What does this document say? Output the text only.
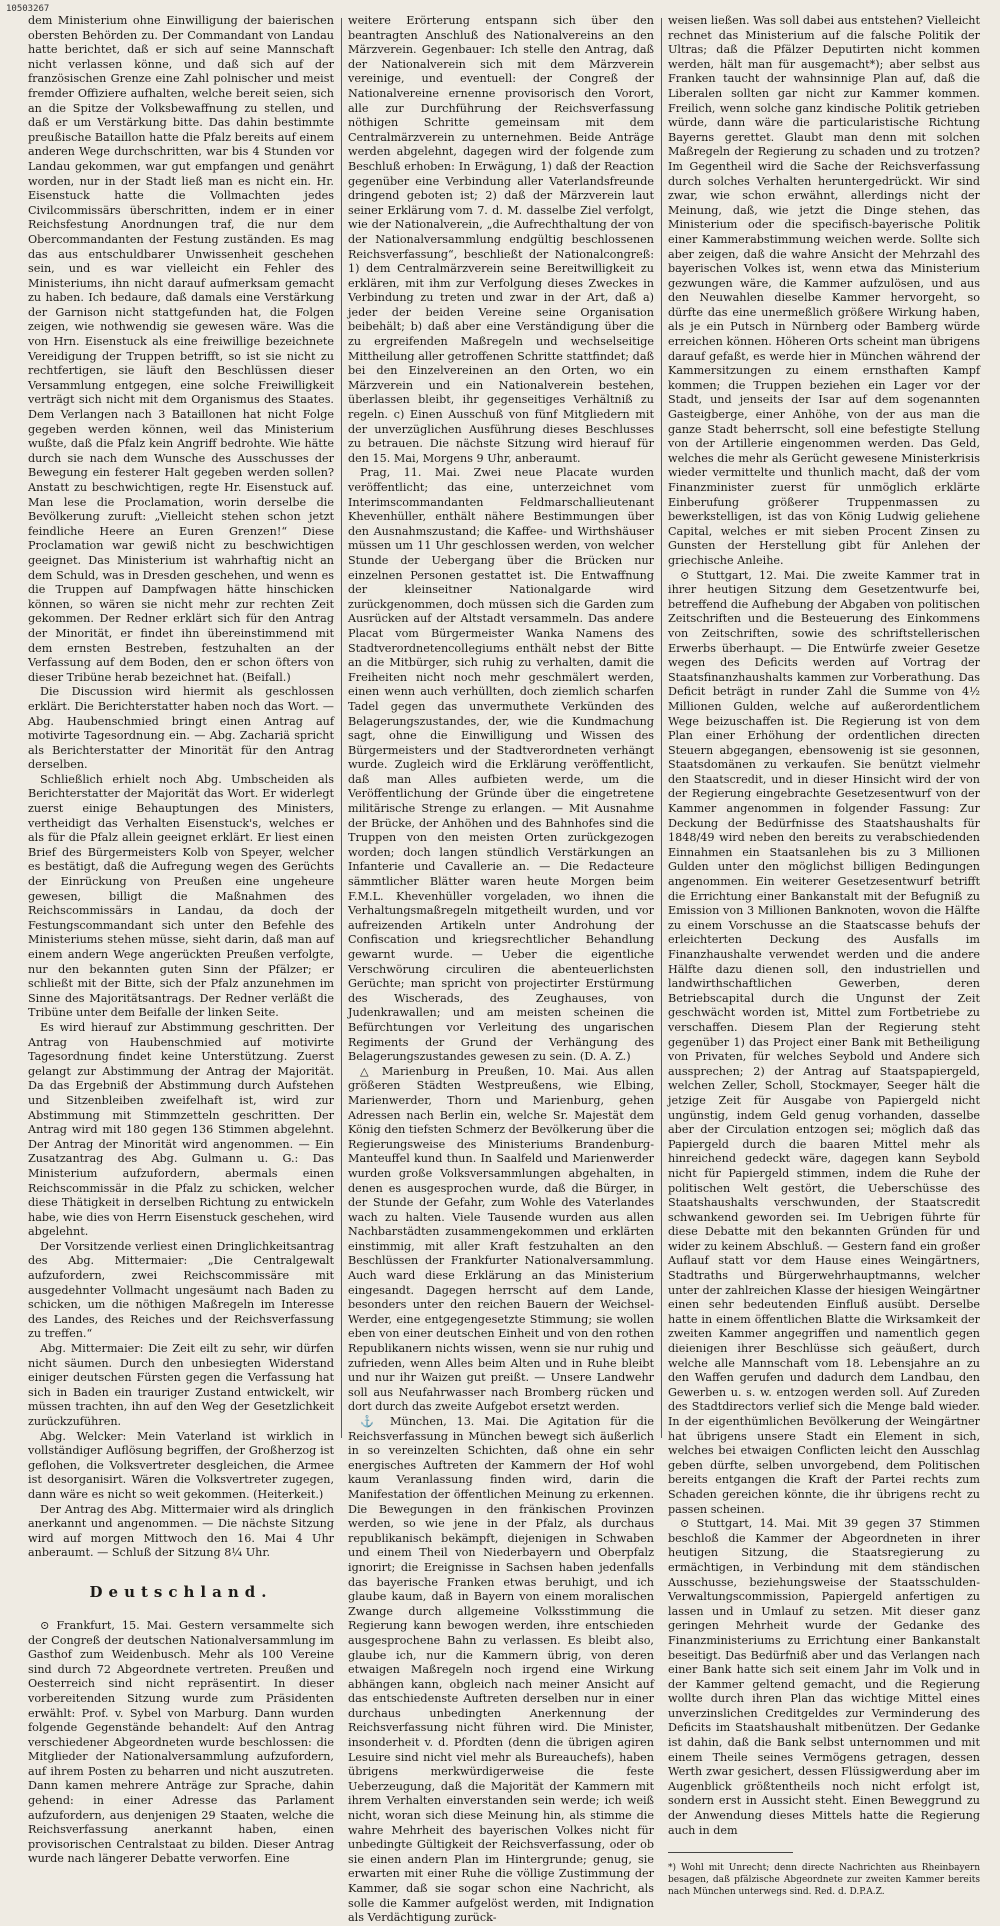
10503267

dem Ministerium ohne Einwilligung der baierischen obersten Behörden zu. Der Commandant von Landau hatte berichtet, daß er sich auf seine Mannschaft nicht verlassen könne, und daß sich auf der französischen Grenze eine Zahl polnischer und meist fremder Offiziere aufhalten, welche bereit seien, sich an die Spitze der Volksbewaffnung zu stellen, und daß er um Verstärkung bitte. Das dahin bestimmte preußische Bataillon hatte die Pfalz bereits auf einem anderen Wege durchschritten, war bis 4 Stunden vor Landau gekommen, war gut empfangen und genährt worden, nur in der Stadt ließ man es nicht ein. Hr. Eisenstuck hatte die Vollmachten jedes Civilcommissärs überschritten, indem er in einer Reichsfestung Anordnungen traf, die nur dem Obercommandanten der Festung zuständen. Es mag das aus entschuldbarer Unwissenheit geschehen sein, und es war vielleicht ein Fehler des Ministeriums, ihn nicht darauf aufmerksam gemacht zu haben. Ich bedaure, daß damals eine Verstärkung der Garnison nicht stattgefunden hat, die Folgen zeigen, wie nothwendig sie gewesen wäre. Was die von Hrn. Eisenstuck als eine freiwillige bezeichnete Vereidigung der Truppen betrifft, so ist sie nicht zu rechtfertigen, sie läuft den Beschlüssen dieser Versammlung entgegen, eine solche Freiwilligkeit verträgt sich nicht mit dem Organismus des Staates. Dem Verlangen nach 3 Bataillonen hat nicht Folge gegeben werden können, weil das Ministerium wußte, daß die Pfalz kein Angriff bedrohte. Wie hätte durch sie nach dem Wunsche des Ausschusses der Bewegung ein festerer Halt gegeben werden sollen? Anstatt zu beschwichtigen, regte Hr. Eisenstuck auf. Man lese die Proclamation, worin derselbe die Bevölkerung zuruft: „Vielleicht stehen schon jetzt feindliche Heere an Euren Grenzen!“ Diese Proclamation war gewiß nicht zu beschwichtigen geeignet. Das Ministerium ist wahrhaftig nicht an dem Schuld, was in Dresden geschehen, und wenn es die Truppen auf Dampfwagen hätte hinschicken können, so wären sie nicht mehr zur rechten Zeit gekommen. Der Redner erklärt sich für den Antrag der Minorität, er findet ihn übereinstimmend mit dem ernsten Bestreben, festzuhalten an der Verfassung auf dem Boden, den er schon öfters von dieser Tribüne herab bezeichnet hat. (Beifall.)

Die Discussion wird hiermit als geschlossen erklärt. Die Berichterstatter haben noch das Wort. — Abg. Haubenschmied bringt einen Antrag auf motivirte Tagesordnung ein. — Abg. Zachariä spricht als Berichterstatter der Minorität für den Antrag derselben.

Schließlich erhielt noch Abg. Umbscheiden als Berichterstatter der Majorität das Wort. Er widerlegt zuerst einige Behauptungen des Ministers, vertheidigt das Verhalten Eisenstuck's, welches er als für die Pfalz allein geeignet erklärt. Er liest einen Brief des Bürgermeisters Kolb von Speyer, welcher es bestätigt, daß die Aufregung wegen des Gerüchts der Einrückung von Preußen eine ungeheure gewesen, billigt die Maßnahmen des Reichscommissärs in Landau, da doch der Festungscommandant sich unter den Befehle des Ministeriums stehen müsse, sieht darin, daß man auf einem andern Wege angerückten Preußen verfolgte, nur den bekannten guten Sinn der Pfälzer; er schließt mit der Bitte, sich der Pfalz anzunehmen im Sinne des Majoritätsantrags. Der Redner verläßt die Tribüne unter dem Beifalle der linken Seite.

Es wird hierauf zur Abstimmung geschritten. Der Antrag von Haubenschmied auf motivirte Tagesordnung findet keine Unterstützung. Zuerst gelangt zur Abstimmung der Antrag der Majorität. Da das Ergebniß der Abstimmung durch Aufstehen und Sitzenbleiben zweifelhaft ist, wird zur Abstimmung mit Stimmzetteln geschritten. Der Antrag wird mit 180 gegen 136 Stimmen abgelehnt. Der Antrag der Minorität wird angenommen. — Ein Zusatzantrag des Abg. Gulmann u. G.: Das Ministerium aufzufordern, abermals einen Reichscommissär in die Pfalz zu schicken, welcher diese Thätigkeit in derselben Richtung zu entwickeln habe, wie dies von Herrn Eisenstuck geschehen, wird abgelehnt.

Der Vorsitzende verliest einen Dringlichkeitsantrag des Abg. Mittermaier: „Die Centralgewalt aufzufordern, zwei Reichscommissäre mit ausgedehnter Vollmacht ungesäumt nach Baden zu schicken, um die nöthigen Maßregeln im Interesse des Landes, des Reiches und der Reichsverfassung zu treffen.“

Abg. Mittermaier: Die Zeit eilt zu sehr, wir dürfen nicht säumen. Durch den unbesiegten Widerstand einiger deutschen Fürsten gegen die Verfassung hat sich in Baden ein trauriger Zustand entwickelt, wir müssen trachten, ihn auf den Weg der Gesetzlichkeit zurückzuführen.

Abg. Welcker: Mein Vaterland ist wirklich in vollständiger Auflösung begriffen, der Großherzog ist geflohen, die Volksvertreter desgleichen, die Armee ist desorganisirt. Wären die Volksvertreter zugegen, dann wäre es nicht so weit gekommen. (Heiterkeit.)

Der Antrag des Abg. Mittermaier wird als dringlich anerkannt und angenommen. — Die nächste Sitzung wird auf morgen Mittwoch den 16. Mai 4 Uhr anberaumt. — Schluß der Sitzung 8¼ Uhr.

Deutschland.

⊙ Frankfurt, 15. Mai. Gestern versammelte sich der Congreß der deutschen Nationalversammlung im Gasthof zum Weidenbusch. Mehr als 100 Vereine sind durch 72 Abgeordnete vertreten. Preußen und Oesterreich sind nicht repräsentirt. In dieser vorbereitenden Sitzung wurde zum Präsidenten erwählt: Prof. v. Sybel von Marburg. Dann wurden folgende Gegenstände behandelt: Auf den Antrag verschiedener Abgeordneten wurde beschlossen: die Mitglieder der Nationalversammlung aufzufordern, auf ihrem Posten zu beharren und nicht auszutreten. Dann kamen mehrere Anträge zur Sprache, dahin gehend: in einer Adresse das Parlament aufzufordern, aus denjenigen 29 Staaten, welche die Reichsverfassung anerkannt haben, einen provisorischen Centralstaat zu bilden. Dieser Antrag wurde nach längerer Debatte verworfen. Eine

weitere Erörterung entspann sich über den beantragten Anschluß des Nationalvereins an den Märzverein. Gegenbauer: Ich stelle den Antrag, daß der Nationalverein sich mit dem Märzverein vereinige, und eventuell: der Congreß der Nationalvereine ernenne provisorisch den Vorort, alle zur Durchführung der Reichsverfassung nöthigen Schritte gemeinsam mit dem Centralmärzverein zu unternehmen. Beide Anträge werden abgelehnt, dagegen wird der folgende zum Beschluß erhoben: In Erwägung, 1) daß der Reaction gegenüber eine Verbindung aller Vaterlandsfreunde dringend geboten ist; 2) daß der Märzverein laut seiner Erklärung vom 7. d. M. dasselbe Ziel verfolgt, wie der Nationalverein, „die Aufrechthaltung der von der Nationalversammlung endgültig beschlossenen Reichsverfassung“, beschließt der Nationalcongreß: 1) dem Centralmärzverein seine Bereitwilligkeit zu erklären, mit ihm zur Verfolgung dieses Zweckes in Verbindung zu treten und zwar in der Art, daß a) jeder der beiden Vereine seine Organisation beibehält; b) daß aber eine Verständigung über die zu ergreifenden Maßregeln und wechselseitige Mittheilung aller getroffenen Schritte stattfindet; daß bei den Einzelvereinen an den Orten, wo ein Märzverein und ein Nationalverein bestehen, überlassen bleibt, ihr gegenseitiges Verhältniß zu regeln. c) Einen Ausschuß von fünf Mitgliedern mit der unverzüglichen Ausführung dieses Beschlusses zu betrauen. Die nächste Sitzung wird hierauf für den 15. Mai, Morgens 9 Uhr, anberaumt.

Prag, 11. Mai. Zwei neue Placate wurden veröffentlicht; das eine, unterzeichnet vom Interimscommandanten Feldmarschallieutenant Khevenhüller, enthält nähere Bestimmungen über den Ausnahmszustand; die Kaffee- und Wirthshäuser müssen um 11 Uhr geschlossen werden, von welcher Stunde der Uebergang über die Brücken nur einzelnen Personen gestattet ist. Die Entwaffnung der kleinseitner Nationalgarde wird zurückgenommen, doch müssen sich die Garden zum Ausrücken auf der Altstadt versammeln. Das andere Placat vom Bürgermeister Wanka Namens des Stadtverordnetencollegiums enthält nebst der Bitte an die Mitbürger, sich ruhig zu verhalten, damit die Freiheiten nicht noch mehr geschmälert werden, einen wenn auch verhüllten, doch ziemlich scharfen Tadel gegen das unvermuthete Verkünden des Belagerungszustandes, der, wie die Kundmachung sagt, ohne die Einwilligung und Wissen des Bürgermeisters und der Stadtverordneten verhängt wurde. Zugleich wird die Erklärung veröffentlicht, daß man Alles aufbieten werde, um die Veröffentlichung der Gründe über die eingetretene militärische Strenge zu erlangen. — Mit Ausnahme der Brücke, der Anhöhen und des Bahnhofes sind die Truppen von den meisten Orten zurückgezogen worden; doch langen stündlich Verstärkungen an Infanterie und Cavallerie an. — Die Redacteure sämmtlicher Blätter waren heute Morgen beim F.M.L. Khevenhüller vorgeladen, wo ihnen die Verhaltungsmaßregeln mitgetheilt wurden, und vor aufreizenden Artikeln unter Androhung der Confiscation und kriegsrechtlicher Behandlung gewarnt wurde. — Ueber die eigentliche Verschwörung circuliren die abenteuerlichsten Gerüchte; man spricht von projectirter Erstürmung des Wischerads, des Zeughauses, von Judenkrawallen; und am meisten scheinen die Befürchtungen vor Verleitung des ungarischen Regiments der Grund der Verhängung des Belagerungszustandes gewesen zu sein. (D. A. Z.)

△ Marienburg in Preußen, 10. Mai. Aus allen größeren Städten Westpreußens, wie Elbing, Marienwerder, Thorn und Marienburg, gehen Adressen nach Berlin ein, welche Sr. Majestät dem König den tiefsten Schmerz der Bevölkerung über die Regierungsweise des Ministeriums Brandenburg-Manteuffel kund thun. In Saalfeld und Marienwerder wurden große Volksversammlungen abgehalten, in denen es ausgesprochen wurde, daß die Bürger, in der Stunde der Gefahr, zum Wohle des Vaterlandes wach zu halten. Viele Tausende wurden aus allen Nachbarstädten zusammengekommen und erklärten einstimmig, mit aller Kraft festzuhalten an den Beschlüssen der Frankfurter Nationalversammlung. Auch ward diese Erklärung an das Ministerium eingesandt. Dagegen herrscht auf dem Lande, besonders unter den reichen Bauern der Weichsel-Werder, eine entgegengesetzte Stimmung; sie wollen eben von einer deutschen Einheit und von den rothen Republikanern nichts wissen, wenn sie nur ruhig und zufrieden, wenn Alles beim Alten und in Ruhe bleibt und nur ihr Waizen gut preißt. — Unsere Landwehr soll aus Neufahrwasser nach Bromberg rücken und dort durch das zweite Aufgebot ersetzt werden.

⚓ München, 13. Mai. Die Agitation für die Reichsverfassung in München bewegt sich äußerlich in so vereinzelten Schichten, daß ohne ein sehr energisches Auftreten der Kammern der Hof wohl kaum Veranlassung finden wird, darin die Manifestation der öffentlichen Meinung zu erkennen. Die Bewegungen in den fränkischen Provinzen werden, so wie jene in der Pfalz, als durchaus republikanisch bekämpft, diejenigen in Schwaben und einem Theil von Niederbayern und Oberpfalz ignorirt; die Ereignisse in Sachsen haben jedenfalls das bayerische Franken etwas beruhigt, und ich glaube kaum, daß in Bayern von einem moralischen Zwange durch allgemeine Volksstimmung die Regierung kann bewogen werden, ihre entschieden ausgesprochene Bahn zu verlassen. Es bleibt also, glaube ich, nur die Kammern übrig, von deren etwaigen Maßregeln noch irgend eine Wirkung abhängen kann, obgleich nach meiner Ansicht auf das entschiedenste Auftreten derselben nur in einer durchaus unbedingten Anerkennung der Reichsverfassung nicht führen wird. Die Minister, insonderheit v. d. Pfordten (denn die übrigen agiren Lesuire sind nicht viel mehr als Bureauchefs), haben übrigens merkwürdigerweise die feste Ueberzeugung, daß die Majorität der Kammern mit ihrem Verhalten einverstanden sein werde; ich weiß nicht, woran sich diese Meinung hin, als stimme die wahre Mehrheit des bayerischen Volkes nicht für unbedingte Gültigkeit der Reichsverfassung, oder ob sie einen andern Plan im Hintergrunde; genug, sie erwarten mit einer Ruhe die völlige Zustimmung der Kammer, daß sie sogar schon eine Nachricht, als solle die Kammer aufgelöst werden, mit Indignation als Verdächtigung zurück-

weisen ließen. Was soll dabei aus entstehen? Vielleicht rechnet das Ministerium auf die falsche Politik der Ultras; daß die Pfälzer Deputirten nicht kommen werden, hält man für ausgemacht*); aber selbst aus Franken taucht der wahnsinnige Plan auf, daß die Liberalen sollten gar nicht zur Kammer kommen. Freilich, wenn solche ganz kindische Politik getrieben würde, dann wäre die particularistische Richtung Bayerns gerettet. Glaubt man denn mit solchen Maßregeln der Regierung zu schaden und zu trotzen? Im Gegentheil wird die Sache der Reichsverfassung durch solches Verhalten heruntergedrückt. Wir sind zwar, wie schon erwähnt, allerdings nicht der Meinung, daß, wie jetzt die Dinge stehen, das Ministerium oder die specifisch-bayerische Politik einer Kammerabstimmung weichen werde. Sollte sich aber zeigen, daß die wahre Ansicht der Mehrzahl des bayerischen Volkes ist, wenn etwa das Ministerium gezwungen wäre, die Kammer aufzulösen, und aus den Neuwahlen dieselbe Kammer hervorgeht, so dürfte das eine unermeßlich größere Wirkung haben, als je ein Putsch in Nürnberg oder Bamberg würde erreichen können. Höheren Orts scheint man übrigens darauf gefaßt, es werde hier in München während der Kammersitzungen zu einem ernsthaften Kampf kommen; die Truppen beziehen ein Lager vor der Stadt, und jenseits der Isar auf dem sogenannten Gasteigberge, einer Anhöhe, von der aus man die ganze Stadt beherrscht, soll eine befestigte Stellung von der Artillerie eingenommen werden. Das Geld, welches die mehr als Gerücht gewesene Ministerkrisis wieder vermittelte und thunlich macht, daß der vom Finanzminister zuerst für unmöglich erklärte Einberufung größerer Truppenmassen zu bewerkstelligen, ist das von König Ludwig geliehene Capital, welches er mit sieben Procent Zinsen zu Gunsten der Herstellung gibt für Anlehen der griechische Anleihe.

⊙ Stuttgart, 12. Mai. Die zweite Kammer trat in ihrer heutigen Sitzung dem Gesetzentwurfe bei, betreffend die Aufhebung der Abgaben von politischen Zeitschriften und die Besteuerung des Einkommens von Zeitschriften, sowie des schriftstellerischen Erwerbs überhaupt. — Die Entwürfe zweier Gesetze wegen des Deficits werden auf Vortrag der Staatsfinanzhaushalts kammen zur Vorberathung. Das Deficit beträgt in runder Zahl die Summe von 4½ Millionen Gulden, welche auf außerordentlichem Wege beizuschaffen ist. Die Regierung ist von dem Plan einer Erhöhung der ordentlichen directen Steuern abgegangen, ebensowenig ist sie gesonnen, Staatsdomänen zu verkaufen. Sie benützt vielmehr den Staatscredit, und in dieser Hinsicht wird der von der Regierung eingebrachte Gesetzesentwurf von der Kammer angenommen in folgender Fassung: Zur Deckung der Bedürfnisse des Staatshaushalts für 1848/49 wird neben den bereits zu verabschiedenden Einnahmen ein Staatsanlehen bis zu 3 Millionen Gulden unter den möglichst billigen Bedingungen angenommen. Ein weiterer Gesetzesentwurf betrifft die Errichtung einer Bankanstalt mit der Befugniß zu Emission von 3 Millionen Banknoten, wovon die Hälfte zu einem Vorschusse an die Staatscasse behufs der erleichterten Deckung des Ausfalls im Finanzhaushalte verwendet werden und die andere Hälfte dazu dienen soll, den industriellen und landwirthschaftlichen Gewerben, deren Betriebscapital durch die Ungunst der Zeit geschwächt worden ist, Mittel zum Fortbetriebe zu verschaffen. Diesem Plan der Regierung steht gegenüber 1) das Project einer Bank mit Betheiligung von Privaten, für welches Seybold und Andere sich aussprechen; 2) der Antrag auf Staatspapiergeld, welchen Zeller, Scholl, Stockmayer, Seeger hält die jetzige Zeit für Ausgabe von Papiergeld nicht ungünstig, indem Geld genug vorhanden, dasselbe aber der Circulation entzogen sei; möglich daß das Papiergeld durch die baaren Mittel mehr als hinreichend gedeckt wäre, dagegen kann Seybold nicht für Papiergeld stimmen, indem die Ruhe der politischen Welt gestört, die Ueberschüsse des Staatshaushalts verschwunden, der Staatscredit schwankend geworden sei. Im Uebrigen führte für diese Debatte mit den bekannten Gründen für und wider zu keinem Abschluß. — Gestern fand ein großer Auflauf statt vor dem Hause eines Weingärtners, Stadtraths und Bürgerwehrhauptmanns, welcher unter der zahlreichen Klasse der hiesigen Weingärtner einen sehr bedeutenden Einfluß ausübt. Derselbe hatte in einem öffentlichen Blatte die Wirksamkeit der zweiten Kammer angegriffen und namentlich gegen dieienigen ihrer Beschlüsse sich geäußert, durch welche alle Mannschaft vom 18. Lebensjahre an zu den Waffen gerufen und dadurch dem Landbau, den Gewerben u. s. w. entzogen werden soll. Auf Zureden des Stadtdirectors verlief sich die Menge bald wieder. In der eigenthümlichen Bevölkerung der Weingärtner hat übrigens unsere Stadt ein Element in sich, welches bei etwaigen Conflicten leicht den Ausschlag geben dürfte, selben unvorgebend, dem Politischen bereits entgangen die Kraft der Partei rechts zum Schaden gereichen könnte, die ihr übrigens recht zu passen scheinen.

⊙ Stuttgart, 14. Mai. Mit 39 gegen 37 Stimmen beschloß die Kammer der Abgeordneten in ihrer heutigen Sitzung, die Staatsregierung zu ermächtigen, in Verbindung mit dem ständischen Ausschusse, beziehungsweise der Staatsschulden-Verwaltungscommission, Papiergeld anfertigen zu lassen und in Umlauf zu setzen. Mit dieser ganz geringen Mehrheit wurde der Gedanke des Finanzministeriums zu Errichtung einer Bankanstalt beseitigt. Das Bedürfniß aber und das Verlangen nach einer Bank hatte sich seit einem Jahr im Volk und in der Kammer geltend gemacht, und die Regierung wollte durch ihren Plan das wichtige Mittel eines unverzinslichen Creditgeldes zur Verminderung des Deficits im Staatshaushalt mitbenützen. Der Gedanke ist dahin, daß die Bank selbst unternommen und mit einem Theile seines Vermögens getragen, dessen Werth zwar gesichert, dessen Flüssigwerdung aber im Augenblick größtentheils noch nicht erfolgt ist, sondern erst in Aussicht steht. Einen Beweggrund zu der Anwendung dieses Mittels hatte die Regierung auch in dem

*) Wohl mit Unrecht; denn directe Nachrichten aus Rheinbayern besagen, daß pfälzische Abgeordnete zur zweiten Kammer bereits nach München unterwegs sind. Red. d. D.P.A.Z.
